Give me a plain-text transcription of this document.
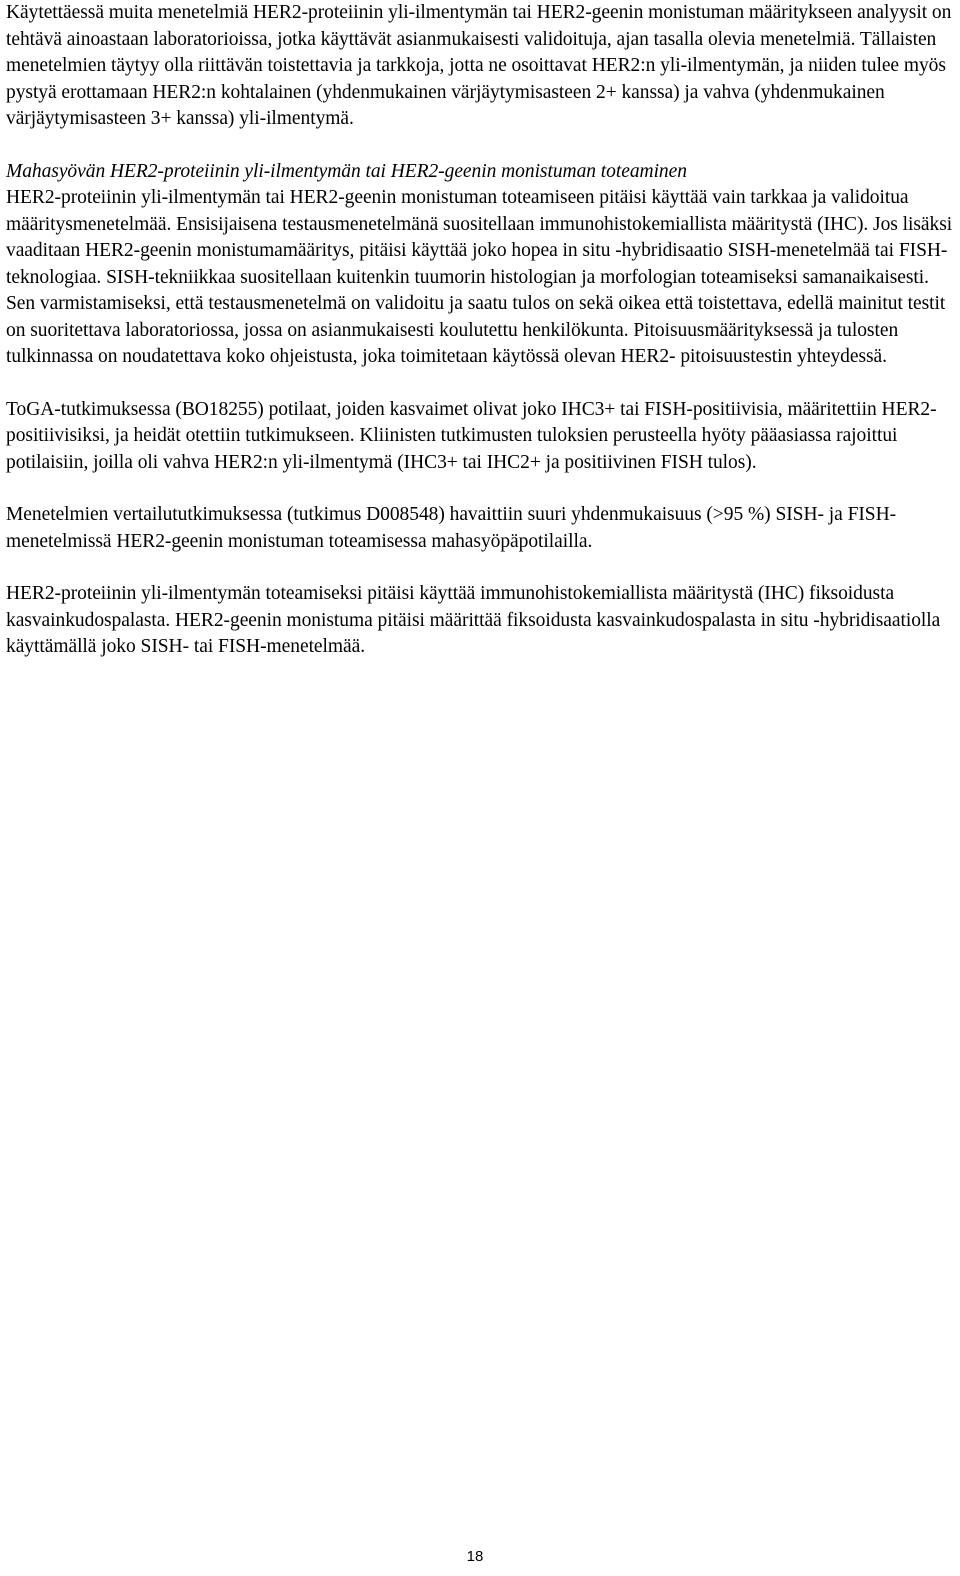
Käytettäessä muita menetelmiä HER2-proteiinin yli-ilmentymän tai HER2-geenin monistuman määritykseen analyysit on tehtävä ainoastaan laboratorioissa, jotka käyttävät asianmukaisesti validoituja, ajan tasalla olevia menetelmiä. Tällaisten menetelmien täytyy olla riittävän toistettavia ja tarkkoja, jotta ne osoittavat HER2:n yli-ilmentymän, ja niiden tulee myös pystyä erottamaan HER2:n kohtalainen (yhdenmukainen värjäytymisasteen 2+ kanssa) ja vahva (yhdenmukainen värjäytymisasteen 3+ kanssa) yli-ilmentymä.

Mahasyövän HER2-proteiinin yli-ilmentymän tai HER2-geenin monistuman toteaminen

HER2-proteiinin yli-ilmentymän tai HER2-geenin monistuman toteamiseen pitäisi käyttää vain tarkkaa ja validoitua määritysmenetelmää. Ensisijaisena testausmenetelmänä suositellaan immunohistokemiallista määritystä (IHC). Jos lisäksi vaaditaan HER2-geenin monistumamääritys, pitäisi käyttää joko hopea in situ -hybridisaatio SISH-menetelmää tai FISH-teknologiaa. SISH-tekniikkaa suositellaan kuitenkin tuumorin histologian ja morfologian toteamiseksi samanaikaisesti. Sen varmistamiseksi, että testausmenetelmä on validoitu ja saatu tulos on sekä oikea että toistettava, edellä mainitut testit on suoritettava laboratoriossa, jossa on asianmukaisesti koulutettu henkilökunta. Pitoisuusmäärityksessä ja tulosten tulkinnassa on noudatettava koko ohjeistusta, joka toimitetaan käytössä olevan HER2- pitoisuustestin yhteydessä.

ToGA-tutkimuksessa (BO18255) potilaat, joiden kasvaimet olivat joko IHC3+ tai FISH-positiivisia, määritettiin HER2-positiivisiksi, ja heidät otettiin tutkimukseen. Kliinisten tutkimusten tuloksien perusteella hyöty pääasiassa rajoittui potilaisiin, joilla oli vahva HER2:n yli-ilmentymä (IHC3+ tai IHC2+ ja positiivinen FISH tulos).

Menetelmien vertailututkimuksessa (tutkimus D008548) havaittiin suuri yhdenmukaisuus (>95 %) SISH- ja FISH-menetelmissä HER2-geenin monistuman toteamisessa mahasyöpäpotilailla.

HER2-proteiinin yli-ilmentymän toteamiseksi pitäisi käyttää immunohistokemiallista määritystä (IHC) fiksoidusta kasvainkudospalasta. HER2-geenin monistuma pitäisi määrittää fiksoidusta kasvainkudospalasta in situ -hybridisaatiolla käyttämällä joko SISH- tai FISH-menetelmää.

18
